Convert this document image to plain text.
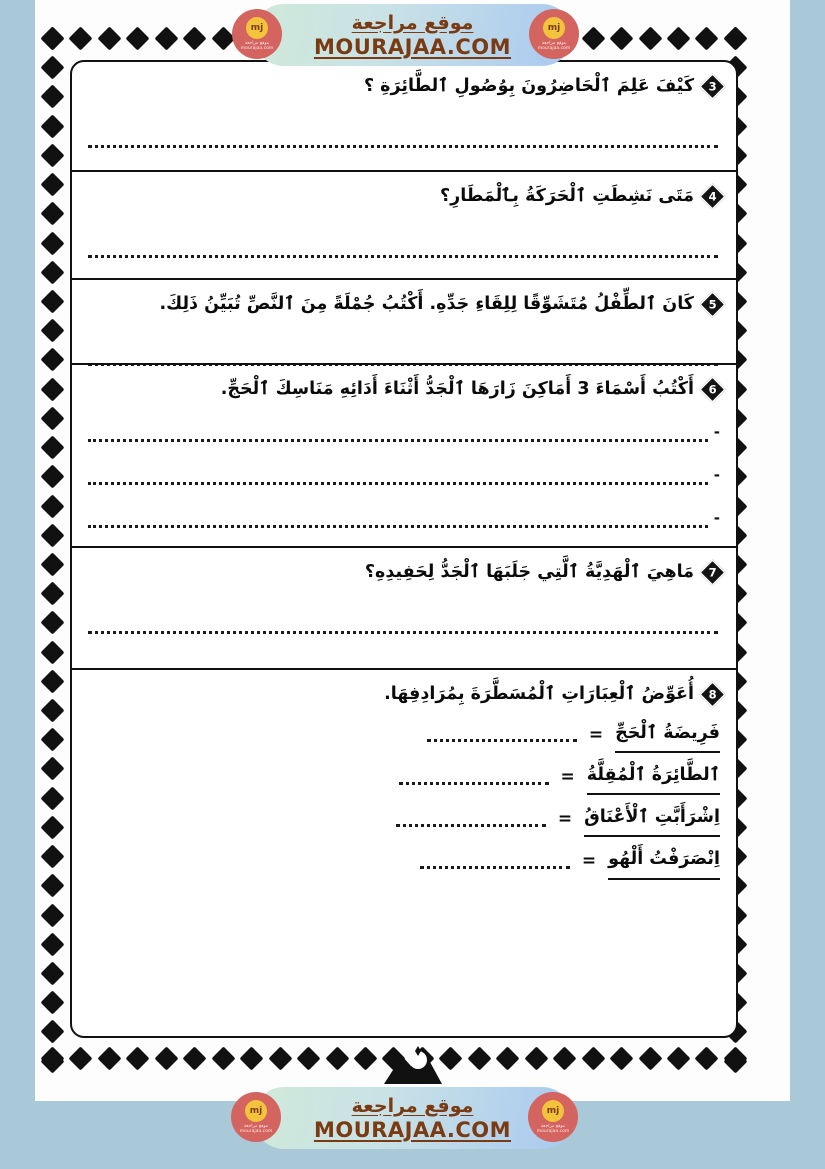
3
كَيْفَ عَلِمَ ٱلْحَاضِرُونَ بِوُصُولِ ٱلطَّائِرَةِ ؟
4
مَتَى نَشِطَتِ ٱلْحَرَكَةُ بِٱلْمَطَارِ؟
5
كَانَ ٱلطِّفْلُ مُتَشَوِّقًا لِلِقَاءِ جَدِّهِ. أَكْتُبُ جُمْلَةً مِنَ ٱلنَّصِّ تُبَيِّنُ ذَلِكَ.
6
أَكْتُبُ أَسْمَاءَ 3 أَمَاكِنَ زَارَهَا ٱلْجَدُّ أَثْنَاءَ أَدَائِهِ مَنَاسِكَ ٱلْحَجِّ.
-
-
-
7
مَاهِيَ ٱلْهَدِيَّةُ ٱلَّتِي جَلَبَهَا ٱلْجَدُّ لِحَفِيدِهِ؟
8
أُعَوِّضُ ٱلْعِبَارَاتِ ٱلْمُسَطَّرَةَ بِمُرَادِفِهَا.
فَرِيضَةُ ٱلْحَجِّ
=
ٱلطَّائِرَةُ ٱلْمُقِلَّةُ
=
اِشْرَأَبَّتِ ٱلْأَعْنَاقُ
=
اِنْصَرَفْتُ أَلْهُو
=
موقع مراجعة
MOURAJAA.COM
mj
موقع مراجعة mourajaa.com
mj
موقع مراجعة mourajaa.com
موقع مراجعة
MOURAJAA.COM
mj
موقع مراجعة mourajaa.com
mj
موقع مراجعة mourajaa.com
